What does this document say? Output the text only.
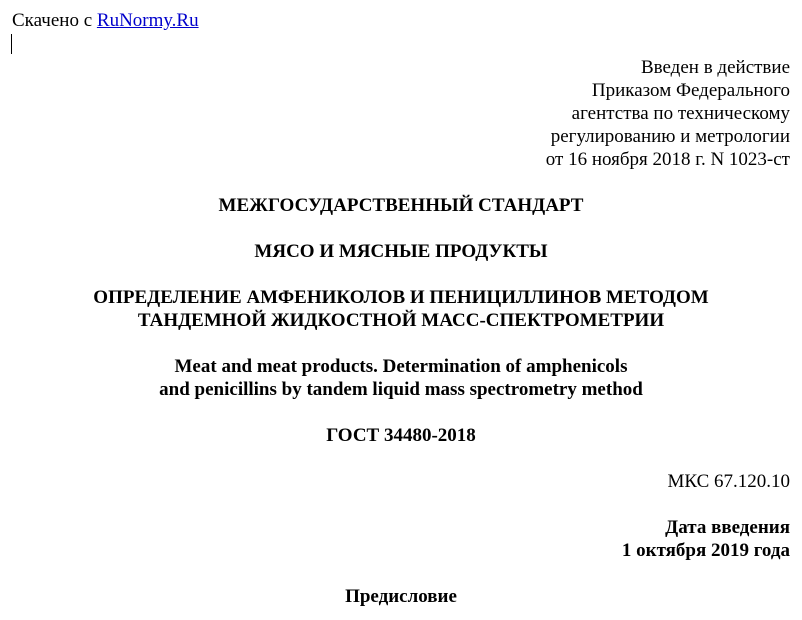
Скачено с RuNormy.Ru
Введен в действие
Приказом Федерального
агентства по техническому
регулированию и метрологии
от 16 ноября 2018 г. N 1023-ст
МЕЖГОСУДАРСТВЕННЫЙ СТАНДАРТ
МЯСО И МЯСНЫЕ ПРОДУКТЫ
ОПРЕДЕЛЕНИЕ АМФЕНИКОЛОВ И ПЕНИЦИЛЛИНОВ МЕТОДОМ
ТАНДЕМНОЙ ЖИДКОСТНОЙ МАСС-СПЕКТРОМЕТРИИ
Meat and meat products. Determination of amphenicols
and penicillins by tandem liquid mass spectrometry method
ГОСТ 34480-2018
МКС 67.120.10
Дата введения
1 октября 2019 года
Предисловие
